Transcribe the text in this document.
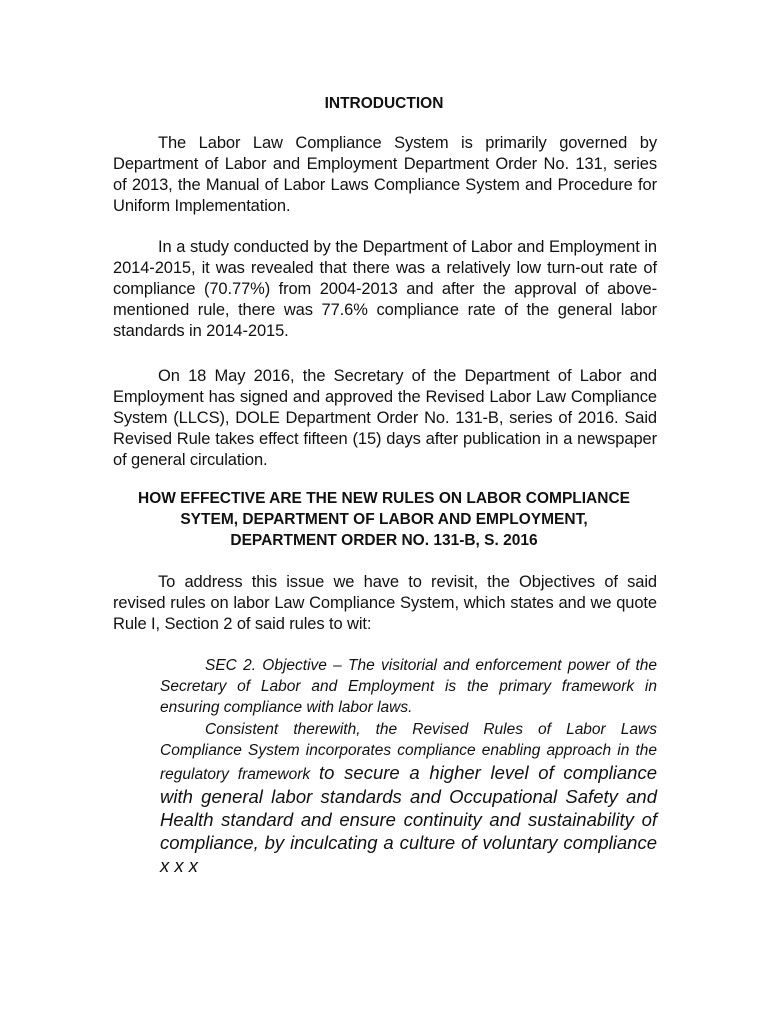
INTRODUCTION
The Labor Law Compliance System is primarily governed by Department of Labor and Employment Department Order No. 131, series of 2013, the Manual of Labor Laws Compliance System and Procedure for Uniform Implementation.
In a study conducted by the Department of Labor and Employment in 2014-2015, it was revealed that there was a relatively low turn-out rate of compliance (70.77%) from 2004-2013 and after the approval of above-mentioned rule, there was 77.6% compliance rate of the general labor standards in 2014-2015.
On 18 May 2016, the Secretary of the Department of Labor and Employment has signed and approved the Revised Labor Law Compliance System (LLCS), DOLE Department Order No. 131-B, series of 2016. Said Revised Rule takes effect fifteen (15) days after publication in a newspaper of general circulation.
HOW EFFECTIVE ARE THE NEW RULES ON LABOR COMPLIANCE SYTEM, DEPARTMENT OF LABOR AND EMPLOYMENT, DEPARTMENT ORDER NO. 131-B, S. 2016
To address this issue we have to revisit, the Objectives of said revised rules on labor Law Compliance System, which states and we quote Rule I, Section 2 of said rules to wit:
SEC 2. Objective – The visitorial and enforcement power of the Secretary of Labor and Employment is the primary framework in ensuring compliance with labor laws.

Consistent therewith, the Revised Rules of Labor Laws Compliance System incorporates compliance enabling approach in the regulatory framework to secure a higher level of compliance with general labor standards and Occupational Safety and Health standard and ensure continuity and sustainability of compliance, by inculcating a culture of voluntary compliance x x x
